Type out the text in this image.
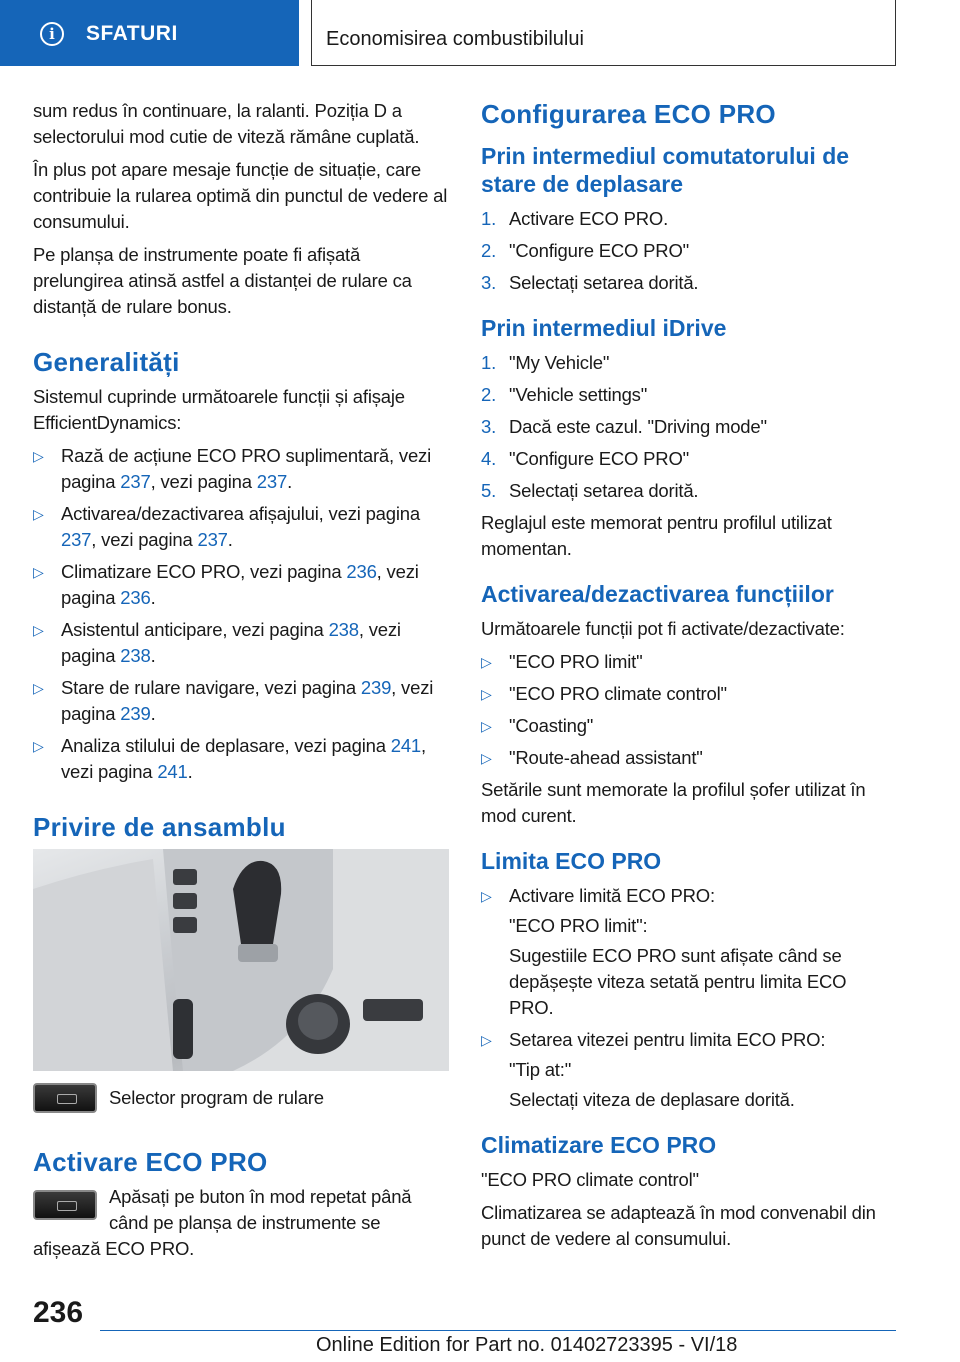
i	SFATURI	Economisirea combustibilului

sum redus în continuare, la ralanti. Poziția D a selectorului mod cutie de viteză rămâne cuplată.

În plus pot apare mesaje funcție de situație, care contribuie la rularea optimă din punctul de vedere al consumului.

Pe planșa de instrumente poate fi afișată prelungirea atinsă astfel a distanței de rulare ca distanță de rulare bonus.

Generalități

Sistemul cuprinde următoarele funcții și afișaje EfficientDynamics:

▷ Rază de acțiune ECO PRO suplimentară, vezi pagina 237, vezi pagina 237.
▷ Activarea/dezactivarea afișajului, vezi pagina 237, vezi pagina 237.
▷ Climatizare ECO PRO, vezi pagina 236, vezi pagina 236.
▷ Asistentul anticipare, vezi pagina 238, vezi pagina 238.
▷ Stare de rulare navigare, vezi pagina 239, vezi pagina 239.
▷ Analiza stilului de deplasare, vezi pagina 241, vezi pagina 241.
Privire de ansamblu

Selector program de rulare

Activare ECO PRO

Apăsați pe buton în mod repetat până când pe planșa de instrumente se afișează ECO PRO.

Configurarea ECO PRO
Prin intermediul comutatorului de stare de deplasare
1. Activare ECO PRO.
2. "Configure ECO PRO"
3. Selectați setarea dorită.
Prin intermediul iDrive
1. "My Vehicle"
2. "Vehicle settings"
3. Dacă este cazul. "Driving mode"
4. "Configure ECO PRO"
5. Selectați setarea dorită.

Reglajul este memorat pentru profilul utilizat momentan.

Activarea/dezactivarea funcțiilor

Următoarele funcții pot fi activate/dezactivate:

▷ "ECO PRO limit"
▷ "ECO PRO climate control"
▷ "Coasting"
▷ "Route-ahead assistant"

Setările sunt memorate la profilul șofer utilizat în mod curent.

Limita ECO PRO
▷ Activare limită ECO PRO:
"ECO PRO limit":
Sugestiile ECO PRO sunt afișate când se depășește viteza setată pentru limita ECO PRO.
▷ Setarea vitezei pentru limita ECO PRO:
"Tip at:"
Selectați viteza de deplasare dorită.
Climatizare ECO PRO

"ECO PRO climate control"

Climatizarea se adaptează în mod convenabil din punct de vedere al consumului.

236
Online Edition for Part no. 01402723395 - VI/18
